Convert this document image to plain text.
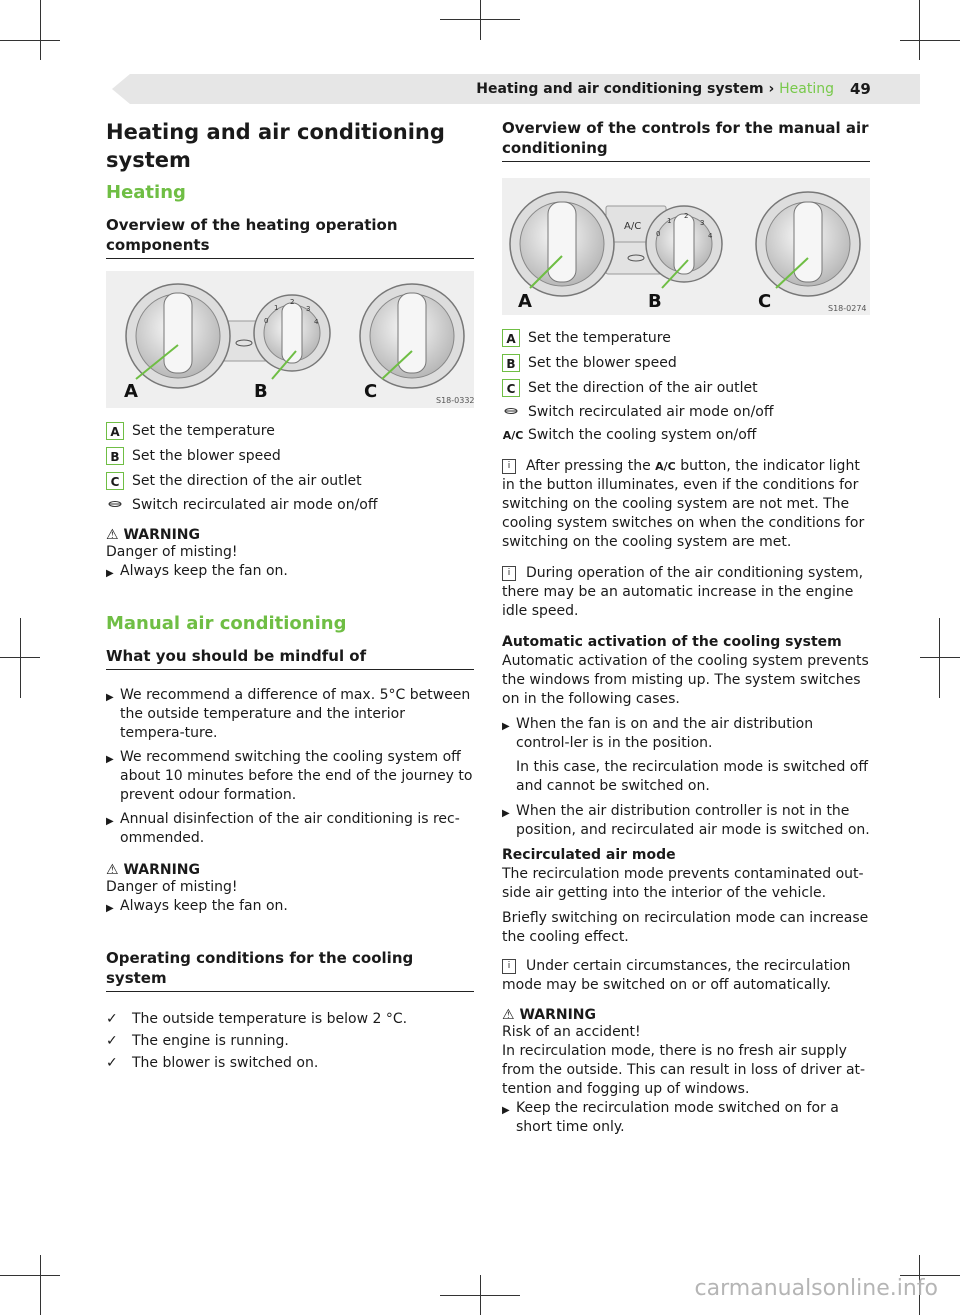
Heating and air conditioning system › Heating 49
Heating and air conditioning system
Heating
Overview of the heating operation components
0
1
2
3
4
A	B	C	S18-0332
A Set the temperature
B Set the blower speed
C Set the direction of the air outlet
Switch recirculated air mode on/off
⚠ WARNING

Danger of misting!

▶ Always keep the fan on.
Manual air conditioning
What you should be mindful of
▶ We recommend a difference of max. 5°C between the outside temperature and the interior tempera-ture.
▶ We recommend switching the cooling system off about 10 minutes before the end of the journey to prevent odour formation.
▶ Annual disinfection of the air conditioning is rec-ommended.
⚠ WARNING

Danger of misting!

▶ Always keep the fan on.
Operating conditions for the cooling system
✓	The outside temperature is below 2 °C.
✓	The engine is running.
✓	The blower is switched on.
Overview of the controls for the manual air conditioning
A/C
0
1
2
3
4
A	B	C	S18-0274
A Set the temperature
B Set the blower speed
C Set the direction of the air outlet
Switch recirculated air mode on/off
A/C Switch the cooling system on/off
i After pressing the A/C button, the indicator light in the button illuminates, even if the conditions for switching on the cooling system are not met. The cooling system switches on when the conditions for switching on the cooling system are met.
i During operation of the air conditioning system, there may be an automatic increase in the engine idle speed.

Automatic activation of the cooling system

Automatic activation of the cooling system prevents the windows from misting up. The system switches on in the following cases.

▶ When the fan is on and the air distribution control-ler is in the position.

In this case, the recirculation mode is switched off and cannot be switched on.

▶ When the air distribution controller is not in the position, and recirculated air mode is switched on.

Recirculated air mode

The recirculation mode prevents contaminated out-side air getting into the interior of the vehicle.

Briefly switching on recirculation mode can increase the cooling effect.

i Under certain circumstances, the recirculation mode may be switched on or off automatically.
⚠ WARNING

Risk of an accident!

In recirculation mode, there is no fresh air supply from the outside. This can result in loss of driver at-tention and fogging up of windows.

▶ Keep the recirculation mode switched on for a short time only.
carmanualsonline.info
